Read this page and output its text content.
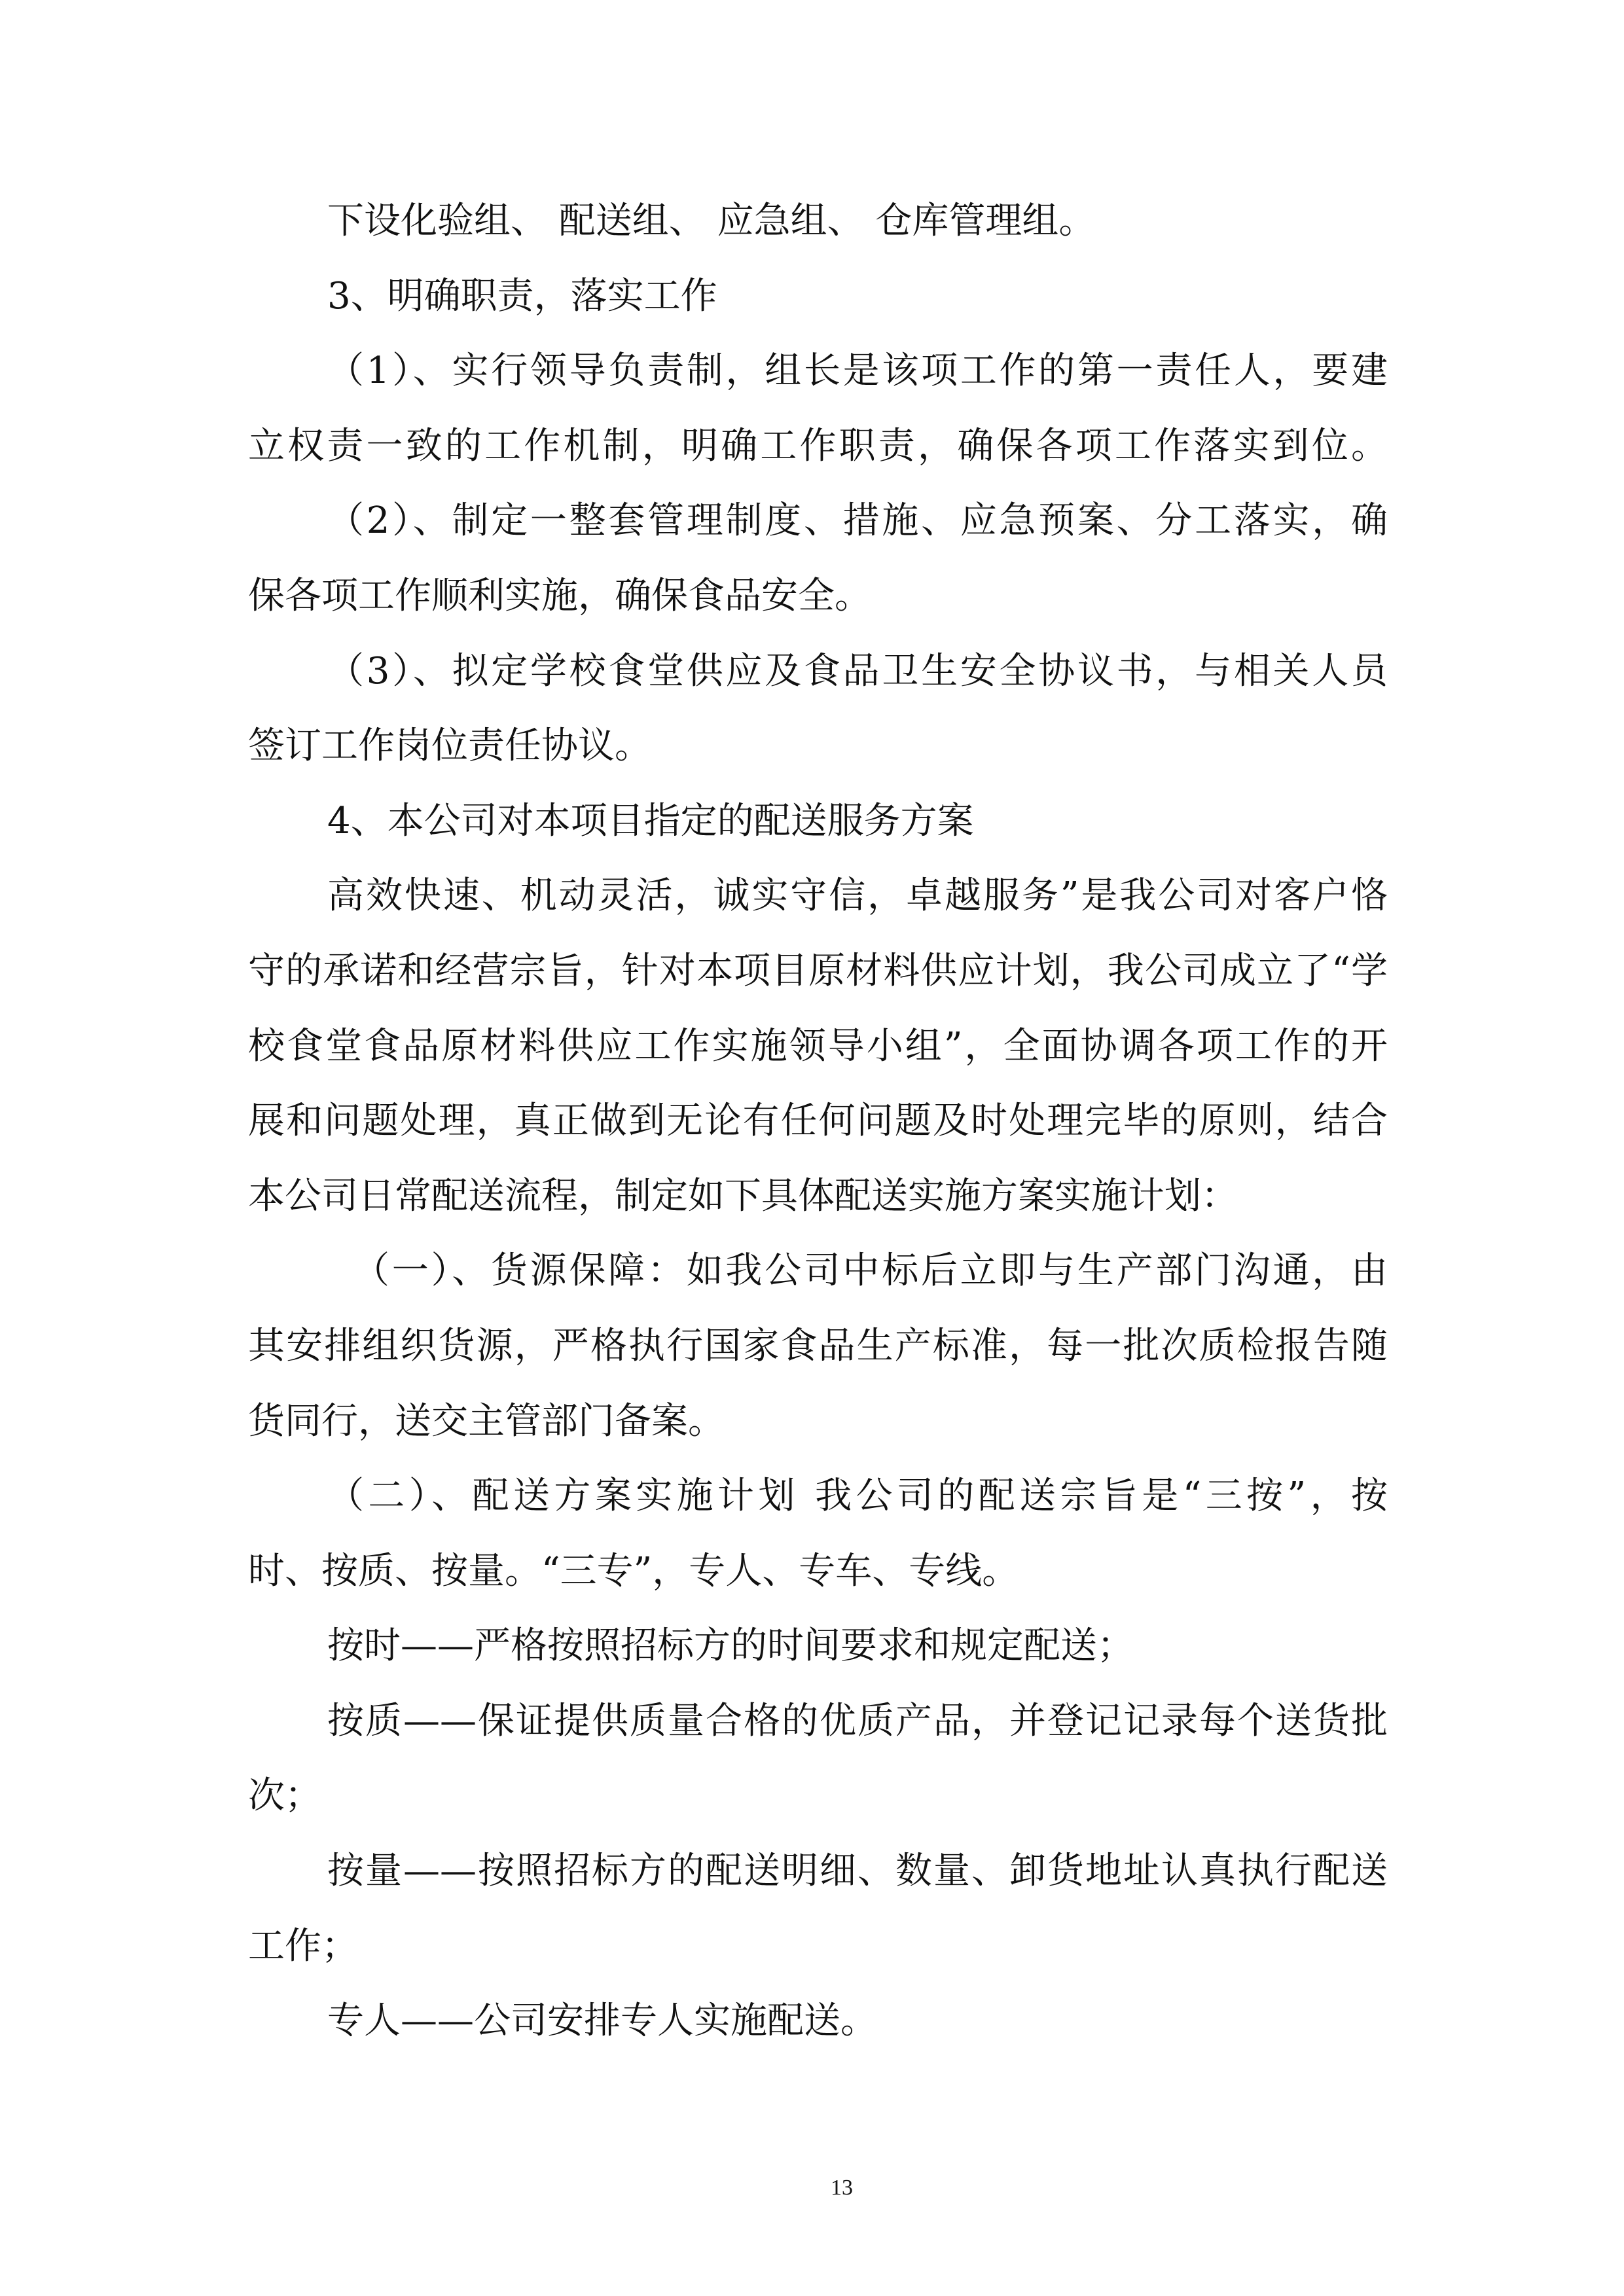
下设化验组、 配送组、 应急组、 仓库管理组。
3、明确职责，落实工作
（1）、实行领导负责制，组长是该项工作的第一责任人，要建
立权责一致的工作机制，明确工作职责，确保各项工作落实到位。
（2）、制定一整套管理制度、措施、应急预案、分工落实，确
保各项工作顺利实施，确保食品安全。
（3）、拟定学校食堂供应及食品卫生安全协议书，与相关人员
签订工作岗位责任协议。
4、本公司对本项目指定的配送服务方案
高效快速、机动灵活，诚实守信，卓越服务”是我公司对客户恪
守的承诺和经营宗旨，针对本项目原材料供应计划，我公司成立了“学
校食堂食品原材料供应工作实施领导小组”，全面协调各项工作的开
展和问题处理，真正做到无论有任何问题及时处理完毕的原则，结合
本公司日常配送流程，制定如下具体配送实施方案实施计划：
（一）、货源保障：如我公司中标后立即与生产部门沟通，由
其安排组织货源，严格执行国家食品生产标准，每一批次质检报告随
货同行，送交主管部门备案。
（二）、配送方案实施计划 我公司的配送宗旨是“三按”，按
时、按质、按量。“三专”，专人、专车、专线。
按时——严格按照招标方的时间要求和规定配送；
按质——保证提供质量合格的优质产品，并登记记录每个送货批
次；
按量——按照招标方的配送明细、数量、卸货地址认真执行配送
工作；
专人——公司安排专人实施配送。
13
